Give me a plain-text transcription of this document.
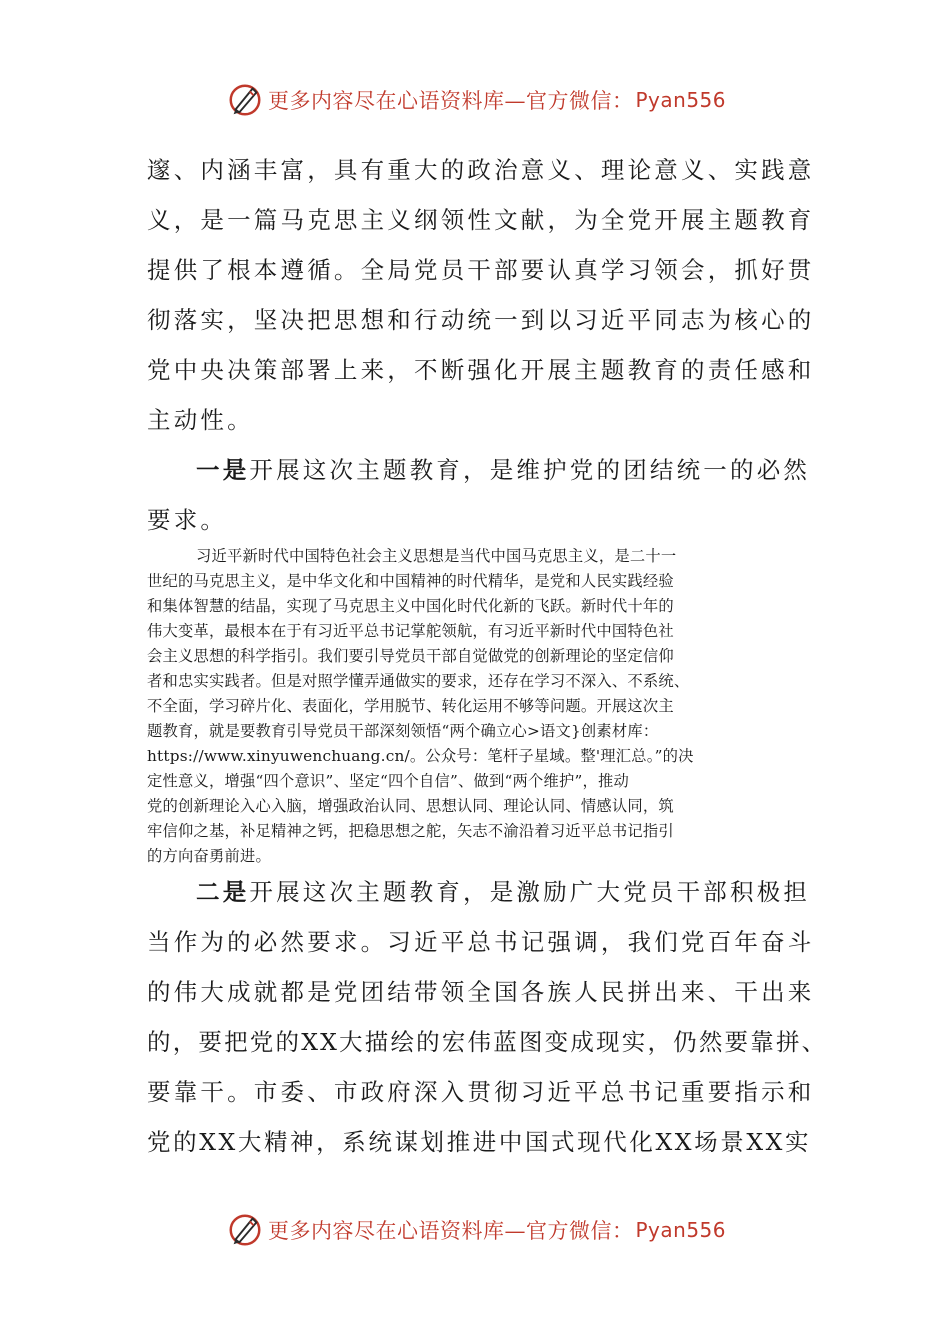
更多内容尽在心语资料库—官方微信： Pyan556
邃、内涵丰富，具有重大的政治意义、理论意义、实践意
义，是一篇马克思主义纲领性文献，为全党开展主题教育
提供了根本遵循。全局党员干部要认真学习领会，抓好贯
彻落实，坚决把思想和行动统一到以习近平同志为核心的
党中央决策部署上来，不断强化开展主题教育的责任感和
主动性。
一是开展这次主题教育，是维护党的团结统一的必然
要求。
习近平新时代中国特色社会主义思想是当代中国马克思主义，是二十一
世纪的马克思主义，是中华文化和中国精神的时代精华，是党和人民实践经验
和集体智慧的结晶，实现了马克思主义中国化时代化新的飞跃。新时代十年的
伟大变革，最根本在于有习近平总书记掌舵领航，有习近平新时代中国特色社
会主义思想的科学指引。我们要引导党员干部自觉做党的创新理论的坚定信仰
者和忠实实践者。但是对照学懂弄通做实的要求，还存在学习不深入、不系统、
不全面，学习碎片化、表面化，学用脱节、转化运用不够等问题。开展这次主
题教育，就是要教育引导党员干部深刻领悟“两个确立心>语文}创素材库：
https://www.xinyuwenchuang.cn/。公众号：笔杆子星域。整'理汇总。”的决
定性意义，增强“四个意识”、坚定“四个自信”、做到“两个维护”，推动
党的创新理论入心入脑，增强政治认同、思想认同、理论认同、情感认同，筑
牢信仰之基，补足精神之钙，把稳思想之舵，矢志不渝沿着习近平总书记指引
的方向奋勇前进。
二是开展这次主题教育，是激励广大党员干部积极担
当作为的必然要求。习近平总书记强调，我们党百年奋斗
的伟大成就都是党团结带领全国各族人民拼出来、干出来
的，要把党的XX大描绘的宏伟蓝图变成现实，仍然要靠拼、
要靠干。市委、市政府深入贯彻习近平总书记重要指示和
党的XX大精神，系统谋划推进中国式现代化XX场景XX实
更多内容尽在心语资料库—官方微信： Pyan556
